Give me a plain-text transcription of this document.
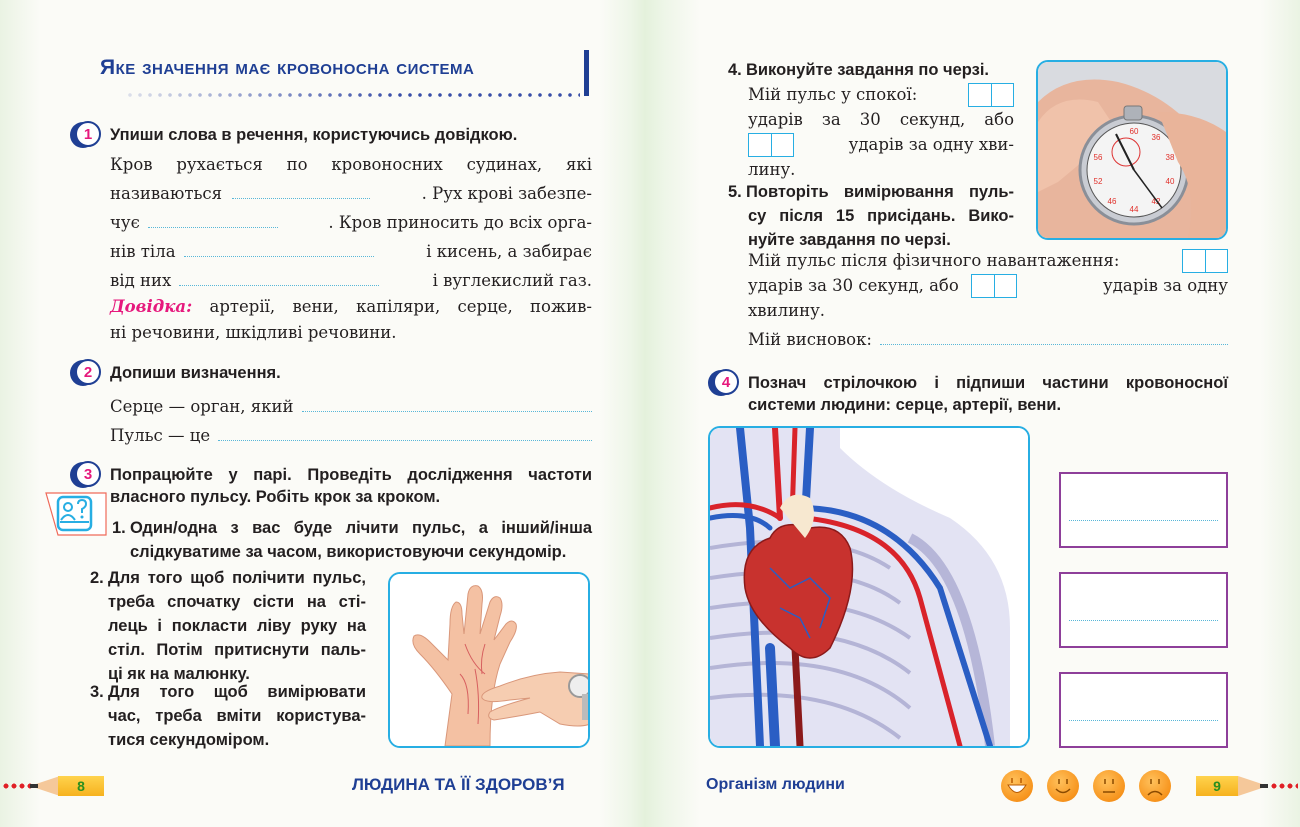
Яке значення має кровоносна система
1	Упиши слова в речення, користуючись довідкою.
Кров рухається по кровоносних судинах, які
називаються	. Рух крові забезпе-
чує	. Кров приносить до всіх орга-
нів тіла	і кисень, а забирає
від них	і вуглекислий газ.
Довідка: артерії, вени, капіляри, серце, пожив-
ні речовини, шкідливі речовини.
2	Допиши визначення.
Серце — орган, який
Пульс — це
3	Попрацюйте у парі. Проведіть дослідження частоти
власного пульсу. Робіть крок за кроком.
1. Один/одна з вас буде лічити пульс, а інший/інша
слідкуватиме за часом, використовуючи секундомір.
2. Для того щоб полічити пульс,
треба спочатку сісти на сті-
лець і покласти ліву руку на
стіл. Потім притиснути паль-
ці як на малюнку.
3. Для того щоб вимірювати
час, треба вміти користува-
тися секундоміром.
8	ЛЮДИНА ТА ЇЇ ЗДОРОВ’Я
4. Виконуйте завдання по черзі.
Мій пульс у спокої:
ударів за 30 секунд, або
ударів за одну хви-
лину.
5. Повторіть вимірювання пуль-
су після 15 присідань. Вико-
нуйте завдання по черзі.
Мій пульс після фізичного навантаження:
ударів за 30 секунд, або	ударів за одну
хвилину.
Мій висновок:
60
36
38
40
42
44
46
52
56
4	Познач стрілочкою і підпиши частини кровоносної
системи людини: серце, артерії, вени.
Організм людини	9
